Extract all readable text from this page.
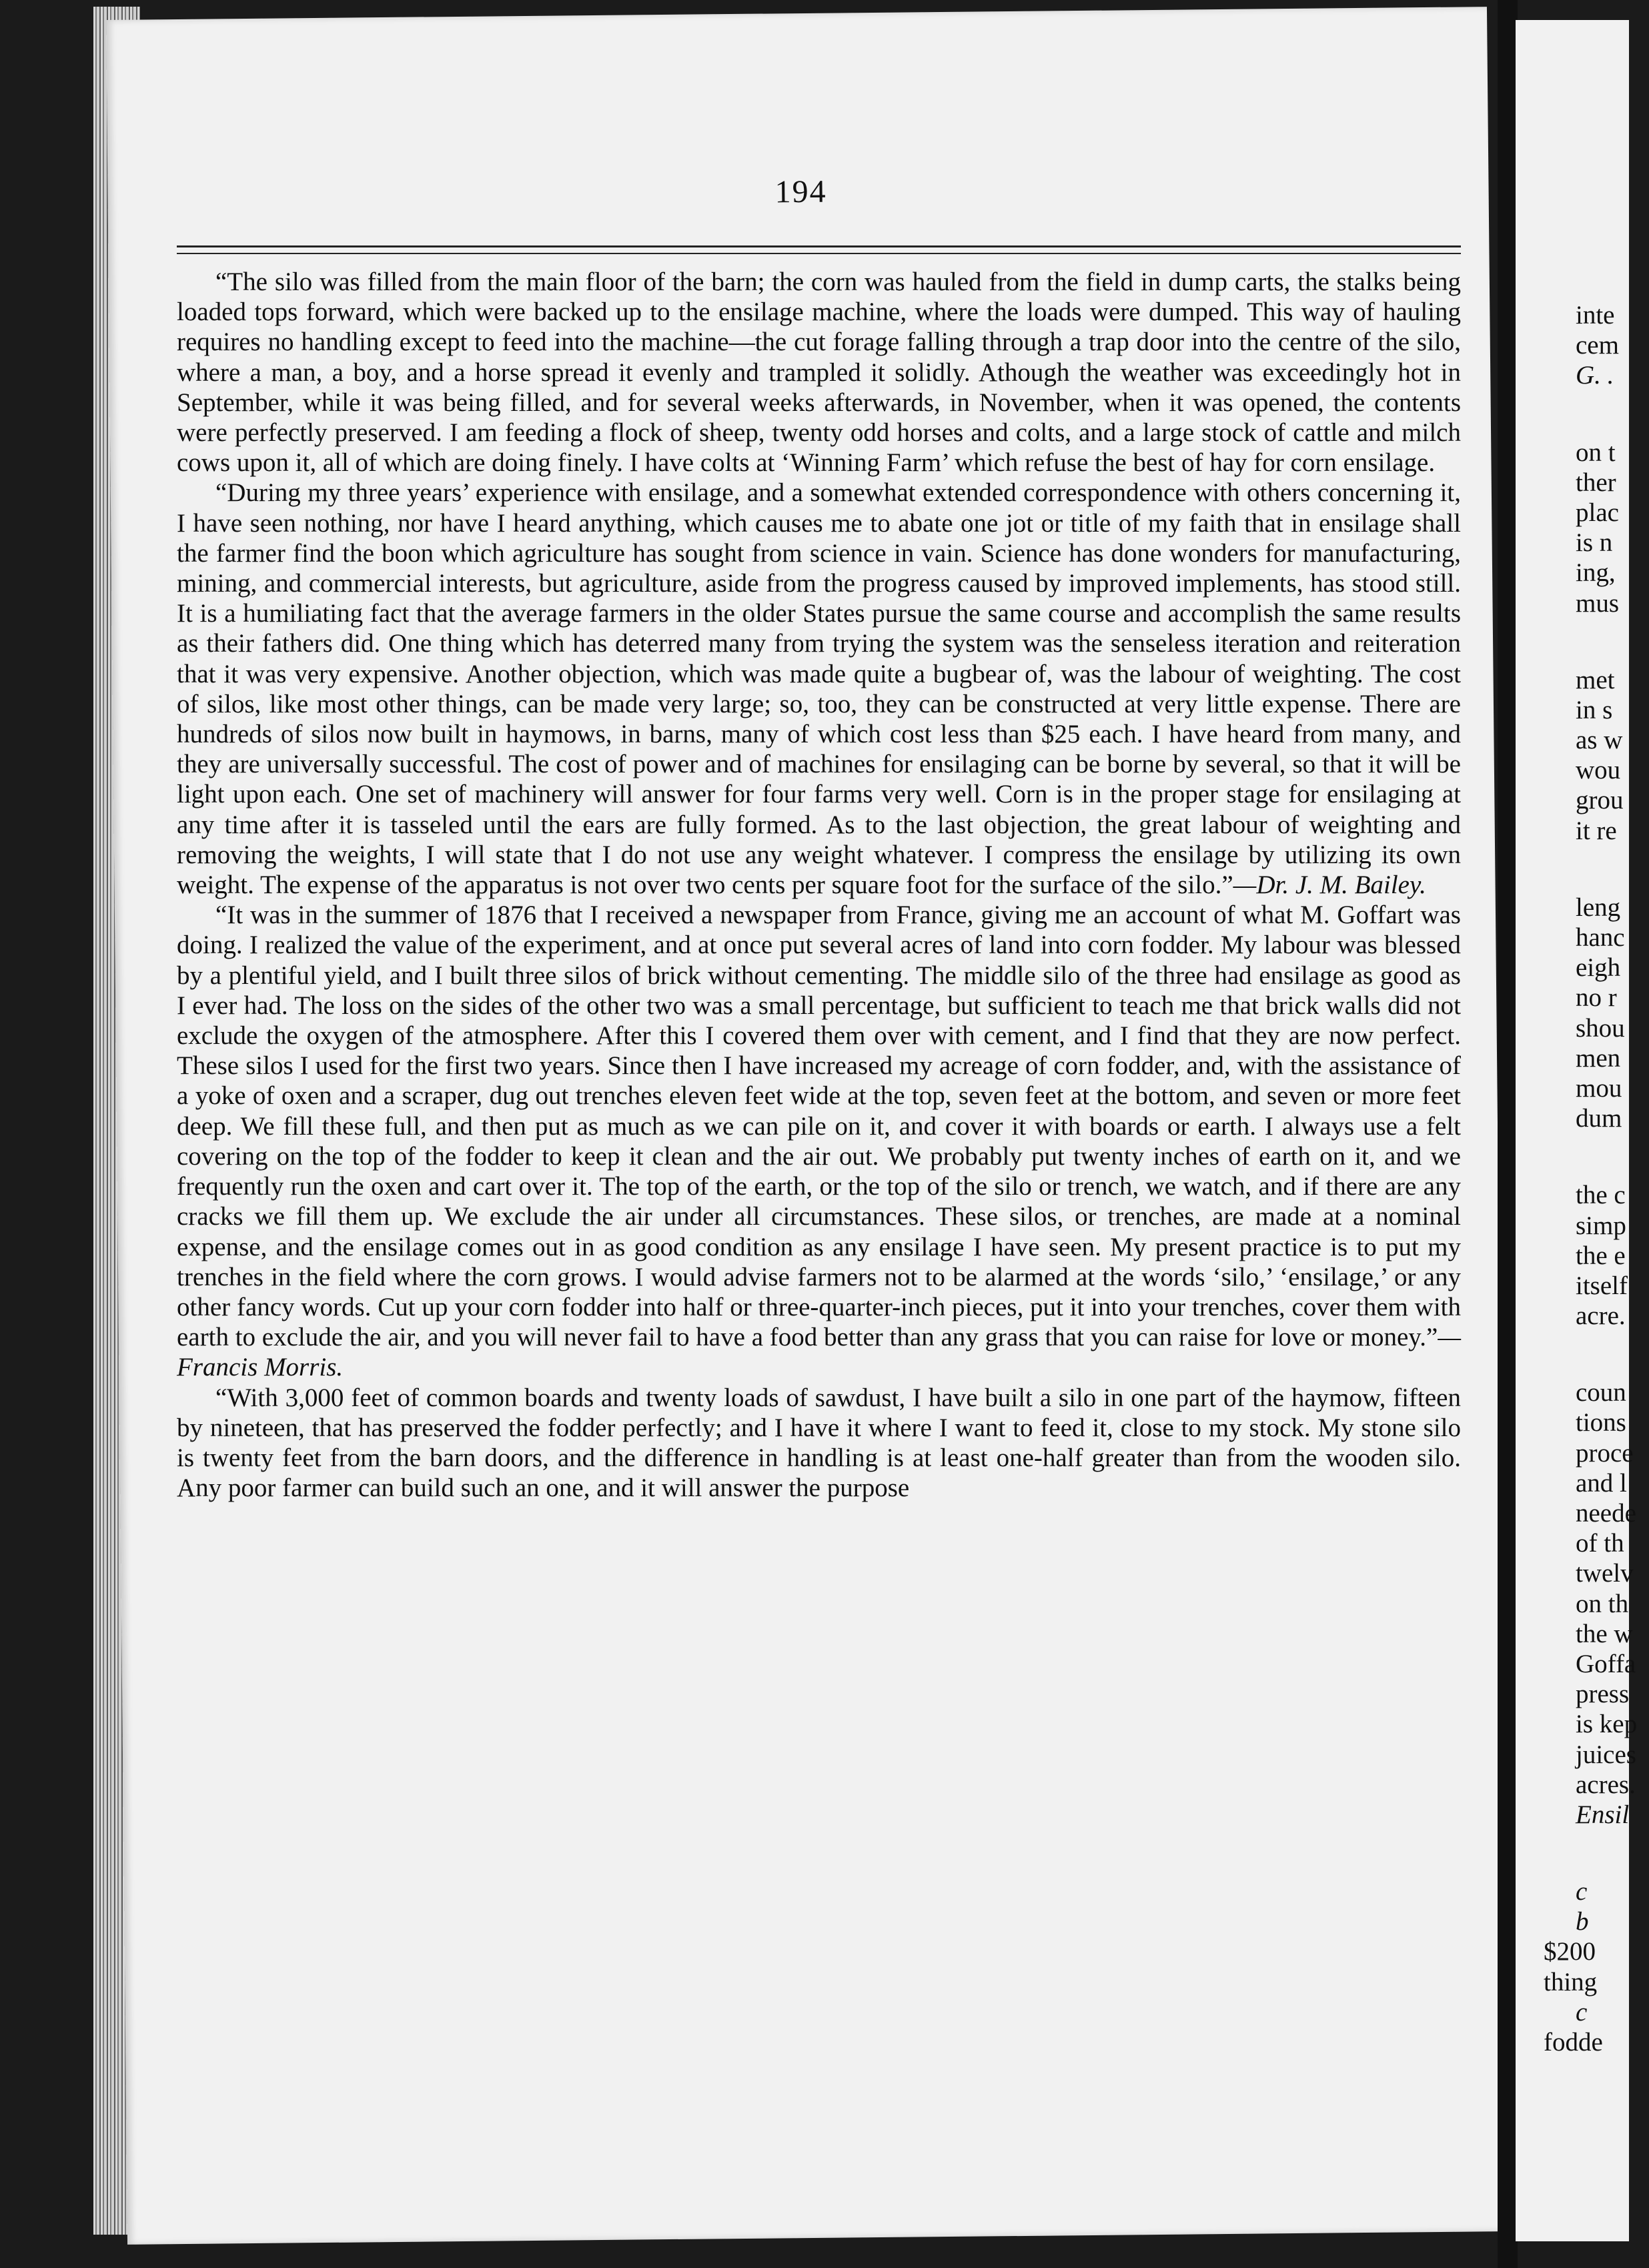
194

“The silo was filled from the main floor of the barn; the corn was hauled from the field in dump carts, the stalks being loaded tops forward, which were backed up to the ensilage machine, where the loads were dumped. This way of hauling requires no handling except to feed into the machine—the cut forage falling through a trap door into the centre of the silo, where a man, a boy, and a horse spread it evenly and trampled it solidly. Athough the weather was exceedingly hot in September, while it was being filled, and for several weeks afterwards, in November, when it was opened, the contents were perfectly preserved. I am feeding a flock of sheep, twenty odd horses and colts, and a large stock of cattle and milch cows upon it, all of which are doing finely. I have colts at ‘Winning Farm’ which refuse the best of hay for corn ensilage.

“During my three years’ experience with ensilage, and a somewhat extended correspondence with others concerning it, I have seen nothing, nor have I heard anything, which causes me to abate one jot or title of my faith that in ensilage shall the farmer find the boon which agriculture has sought from science in vain. Science has done wonders for manufacturing, mining, and commercial interests, but agriculture, aside from the progress caused by improved implements, has stood still. It is a humiliating fact that the average farmers in the older States pursue the same course and accomplish the same results as their fathers did. One thing which has deterred many from trying the system was the senseless iteration and reiteration that it was very expensive. Another objection, which was made quite a bugbear of, was the labour of weighting. The cost of silos, like most other things, can be made very large; so, too, they can be constructed at very little expense. There are hundreds of silos now built in haymows, in barns, many of which cost less than $25 each. I have heard from many, and they are universally successful. The cost of power and of machines for ensilaging can be borne by several, so that it will be light upon each. One set of machinery will answer for four farms very well. Corn is in the proper stage for ensilaging at any time after it is tasseled until the ears are fully formed. As to the last objection, the great labour of weighting and removing the weights, I will state that I do not use any weight whatever. I compress the ensilage by utilizing its own weight. The expense of the apparatus is not over two cents per square foot for the surface of the silo.”—Dr. J. M. Bailey.

“It was in the summer of 1876 that I received a newspaper from France, giving me an account of what M. Goffart was doing. I realized the value of the experiment, and at once put several acres of land into corn fodder. My labour was blessed by a plentiful yield, and I built three silos of brick without cementing. The middle silo of the three had ensilage as good as I ever had. The loss on the sides of the other two was a small percentage, but sufficient to teach me that brick walls did not exclude the oxygen of the atmosphere. After this I covered them over with cement, and I find that they are now perfect. These silos I used for the first two years. Since then I have increased my acreage of corn fodder, and, with the assistance of a yoke of oxen and a scraper, dug out trenches eleven feet wide at the top, seven feet at the bottom, and seven or more feet deep. We fill these full, and then put as much as we can pile on it, and cover it with boards or earth. I always use a felt covering on the top of the fodder to keep it clean and the air out. We probably put twenty inches of earth on it, and we frequently run the oxen and cart over it. The top of the earth, or the top of the silo or trench, we watch, and if there are any cracks we fill them up. We exclude the air under all circumstances. These silos, or trenches, are made at a nominal expense, and the ensilage comes out in as good condition as any ensilage I have seen. My present practice is to put my trenches in the field where the corn grows. I would advise farmers not to be alarmed at the words ‘silo,’ ‘ensilage,’ or any other fancy words. Cut up your corn fodder into half or three-quarter-inch pieces, put it into your trenches, cover them with earth to exclude the air, and you will never fail to have a food better than any grass that you can raise for love or money.”—Francis Morris.

“With 3,000 feet of common boards and twenty loads of sawdust, I have built a silo in one part of the haymow, fifteen by nineteen, that has preserved the fodder perfectly; and I have it where I want to feed it, close to my stock. My stone silo is twenty feet from the barn doors, and the difference in handling is at least one-half greater than from the wooden silo. Any poor farmer can build such an one, and it will answer the purpose

inte
cem
G. .
on t
ther
plac
is n
ing,
mus
met
in s
as w
wou
grou
it re
leng
hanc
eigh
no r
shou
men
mou
dum
the c
simp
the e
itself
acre.
coun
tions
proce
and l
neede
of th
twelv
on th
the w
Goffa
press
is kep
juices
acres.
Ensil
c
b
$200
thing
c
fodde
